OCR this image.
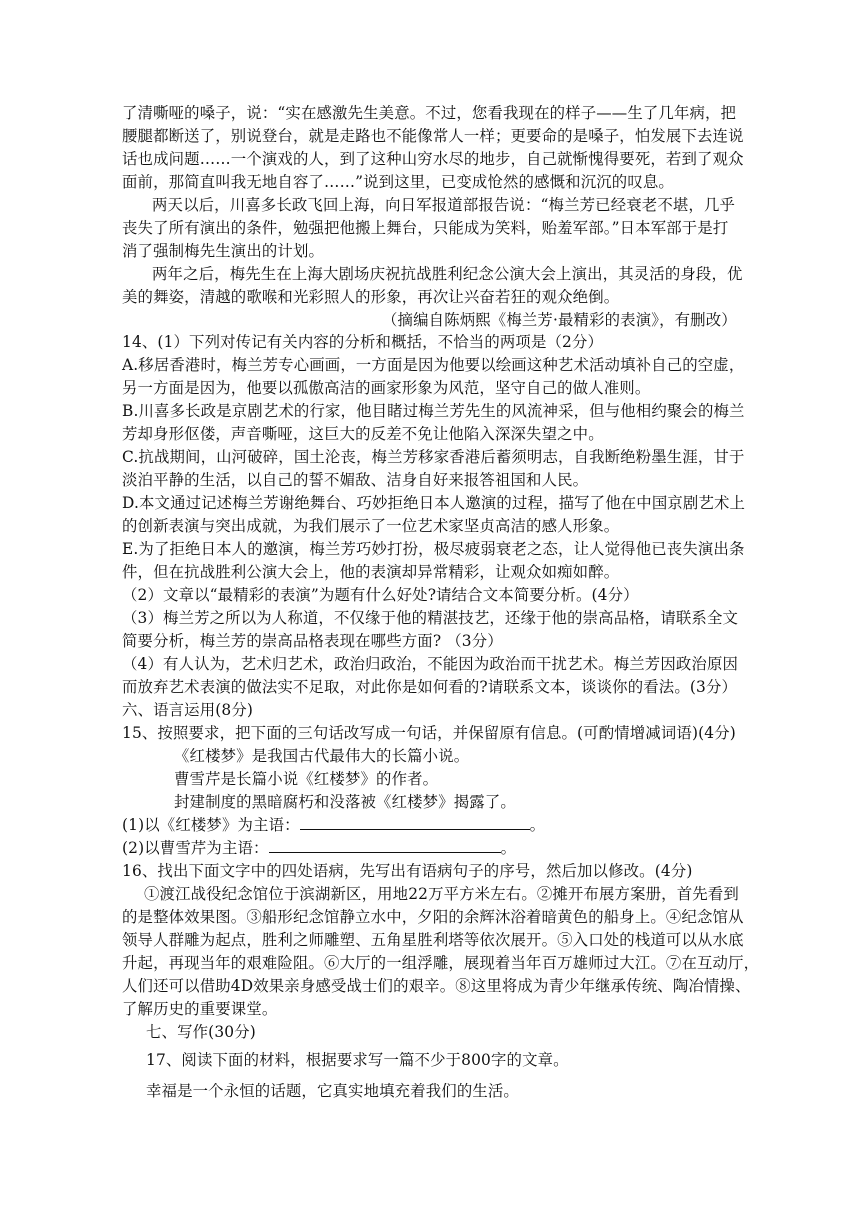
了清嘶哑的嗓子，说：“实在感激先生美意。不过，您看我现在的样子——生了几年病，把
腰腿都断送了，别说登台，就是走路也不能像常人一样；更要命的是嗓子，怕发展下去连说
话也成问题……一个演戏的人，到了这种山穷水尽的地步，自己就惭愧得要死，若到了观众
面前，那简直叫我无地自容了……”说到这里，已变成怆然的感慨和沉沉的叹息。
两天以后，川喜多长政飞回上海，向日军报道部报告说：“梅兰芳已经衰老不堪，几乎
丧失了所有演出的条件，勉强把他搬上舞台，只能成为笑料，贻羞军部。”日本军部于是打
消了强制梅先生演出的计划。
两年之后，梅先生在上海大剧场庆祝抗战胜利纪念公演大会上演出，其灵活的身段，优
美的舞姿，清越的歌喉和光彩照人的形象，再次让兴奋若狂的观众绝倒。
（摘编自陈炳熙《梅兰芳·最精彩的表演》，有删改）
14、(1）下列对传记有关内容的分析和概括，不恰当的两项是（2分）
A.移居香港时，梅兰芳专心画画，一方面是因为他要以绘画这种艺术活动填补自己的空虚，
另一方面是因为，他要以孤傲高洁的画家形象为风范，坚守自己的做人准则。
B.川喜多长政是京剧艺术的行家，他目睹过梅兰芳先生的风流神采，但与他相约聚会的梅兰
芳却身形伛偻，声音嘶哑，这巨大的反差不免让他陷入深深失望之中。
C.抗战期间，山河破碎，国土沦丧，梅兰芳移家香港后蓄须明志，自我断绝粉墨生涯，甘于
淡泊平静的生活，以自己的誓不媚敌、洁身自好来报答祖国和人民。
D.本文通过记述梅兰芳谢绝舞台、巧妙拒绝日本人邀演的过程，描写了他在中国京剧艺术上
的创新表演与突出成就，为我们展示了一位艺术家坚贞高洁的感人形象。
E.为了拒绝日本人的邀演，梅兰芳巧妙打扮，极尽疲弱衰老之态，让人觉得他已丧失演出条
件，但在抗战胜利公演大会上，他的表演却异常精彩，让观众如痴如醉。
（2）文章以“最精彩的表演”为题有什么好处?请结合文本简要分析。(4分）
（3）梅兰芳之所以为人称道，不仅缘于他的精湛技艺，还缘于他的崇高品格，请联系全文
简要分析，梅兰芳的崇高品格表现在哪些方面? （3分）
（4）有人认为，艺术归艺术，政治归政治，不能因为政治而干扰艺术。梅兰芳因政治原因
而放弃艺术表演的做法实不足取，对此你是如何看的?请联系文本，谈谈你的看法。(3分）
六、语言运用(8分)
15、按照要求，把下面的三句话改写成一句话，并保留原有信息。(可酌情增减词语)(4分)
《红楼梦》是我国古代最伟大的长篇小说。
曹雪芹是长篇小说《红楼梦》的作者。
封建制度的黑暗腐朽和没落被《红楼梦》揭露了。
(1)以《红楼梦》为主语：	。
(2)以曹雪芹为主语：	。
16、找出下面文字中的四处语病，先写出有语病句子的序号，然后加以修改。(4分)
①渡江战役纪念馆位于滨湖新区，用地22万平方米左右。②摊开布展方案册，首先看到
的是整体效果图。③船形纪念馆静立水中，夕阳的余辉沐浴着暗黄色的船身上。④纪念馆从
领导人群雕为起点，胜利之师雕塑、五角星胜利塔等依次展开。⑤入口处的栈道可以从水底
升起，再现当年的艰难险阻。⑥大厅的一组浮雕，展现着当年百万雄师过大江。⑦在互动厅，
人们还可以借助4D效果亲身感受战士们的艰辛。⑧这里将成为青少年继承传统、陶冶情操、
了解历史的重要课堂。
七、写作(30分)
17、阅读下面的材料，根据要求写一篇不少于800字的文章。
幸福是一个永恒的话题，它真实地填充着我们的生活。
